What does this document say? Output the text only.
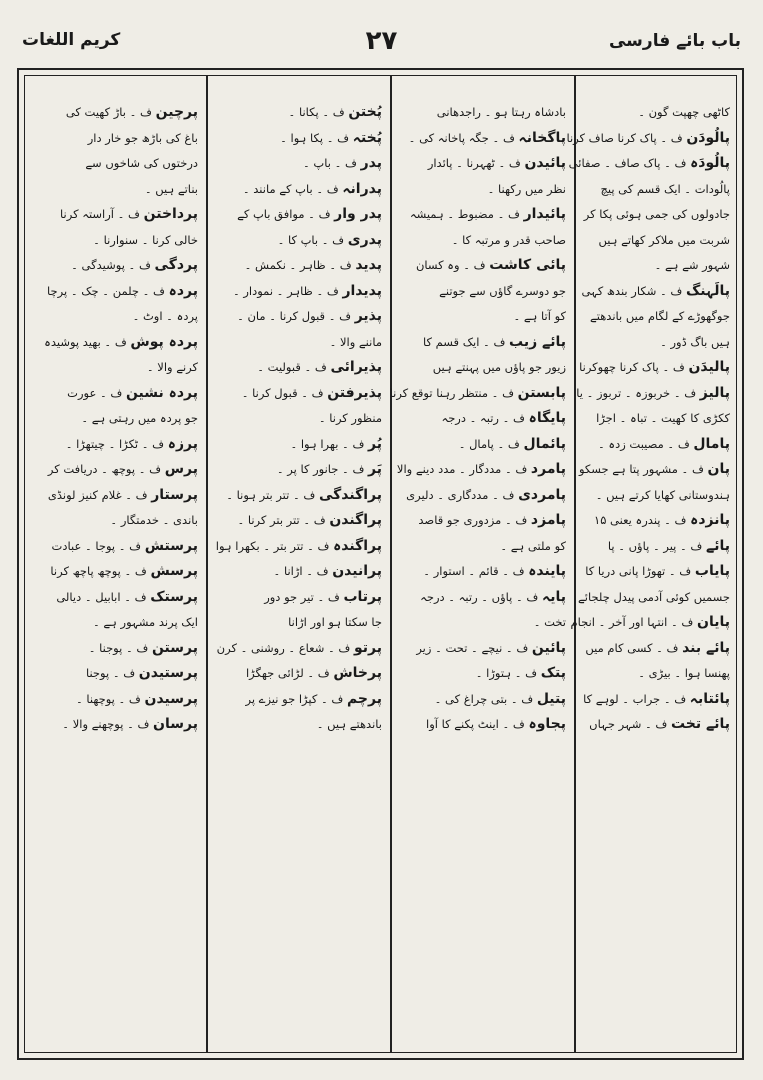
کریم اللغات	۲۷	باب بائے فارسی
کاٹھی چھپت گون ۔
پالُودَن ف ۔ پاک کرنا صاف کرنا
پالُودَہ ف ۔ پاک صاف ۔ صفائی
پالُودات ۔ ایک قسم کی پیچ
جادولوں کی جمی ہوئی پکا کر
شربت میں ملاکر کھاتے ہیں
شہور شے ہے ۔
پالَہنگ ف ۔ شکار بندھ کہی
جوگھوڑے کے لگام میں باندھتے
ہیں باگ ڈور ۔
پالیدَن ف ۔ پاک کرنا چھوکرنا
پالیز ف ۔ خربوزہ ۔ تربوز ۔ یا
ککڑی کا کھیت ۔ تباہ ۔ اجڑا
پامال ف ۔ مصیبت زدہ ۔
پان ف ۔ مشہور پتا ہے جسکو
ہندوستانی کھایا کرتے ہیں ۔
پانزدہ ف ۔ پندرہ یعنی ۱۵
پائے ف ۔ پیر ۔ پاؤں ۔ پا
پایاب ف ۔ تھوڑا پانی دریا کا
جسمیں کوئی آدمی پیدل چلجائے
پایان ف ۔ انتہا اور آخر ۔ انجام
پائے بند ف ۔ کسی کام میں
پھنسا ہوا ۔ بیڑی ۔
پائتابہ ف ۔ جراب ۔ لوہے کا
پائے تخت ف ۔ شہر جہاں
بادشاہ رہتا ہو ۔ راجدھانی
پاگخانہ ف ۔ جگہ پاخانہ کی ۔
پائیدن ف ۔ ٹھہرنا ۔ پائدار
نظر میں رکھنا ۔
پائیدار ف ۔ مضبوط ۔ ہمیشہ
صاحب قدر و مرتبہ کا ۔
پائی کاشت ف ۔ وہ کسان
جو دوسرے گاؤں سے جوتنے
کو آتا ہے ۔
پائے زیب ف ۔ ایک قسم کا
زیور جو پاؤں میں پہنتے ہیں
پابستن ف ۔ منتظر رہنا توقع کرنا
پایگاہ ف ۔ رتبہ ۔ درجہ
پائمال ف ۔ پامال ۔
پامرد ف ۔ مددگار ۔ مدد دینے والا
پامردی ف ۔ مددگاری ۔ دلیری
پامزد ف ۔ مزدوری جو قاصد
کو ملتی ہے ۔
پایندہ ف ۔ قائم ۔ استوار ۔
پایہ ف ۔ پاؤں ۔ رتبہ ۔ درجہ
تخت ۔
پائین ف ۔ نیچے ۔ تحت ۔ زیر
پتک ف ۔ ہتوڑا ۔
پتیل ف ۔ بتی چراغ کی ۔
پجاوہ ف ۔ اینٹ پکنے کا آوا
پُختن ف ۔ پکانا ۔
پُختہ ف ۔ پکا ہوا ۔
پدر ف ۔ باپ ۔
پدرانہ ف ۔ باپ کے مانند ۔
پدر وار ف ۔ موافق باپ کے
پدری ف ۔ باپ کا ۔
پدید ف ۔ ظاہر ۔ نکمش ۔
پدیدار ف ۔ ظاہر ۔ نمودار ۔
پذیر ف ۔ قبول کرنا ۔ مان ۔
ماننے والا ۔
پذیرائی ف ۔ قبولیت ۔
پذیرفتن ف ۔ قبول کرنا ۔
منظور کرنا ۔
پُر ف ۔ بھرا ہوا ۔
پَر ف ۔ جانور کا پر ۔
پراگندگی ف ۔ تتر بتر ہونا ۔
پراگندن ف ۔ تتر بتر کرنا ۔
پراگندہ ف ۔ تتر بتر ۔ بکھرا ہوا
پرانیدن ف ۔ اڑانا ۔
پرتاب ف ۔ تیر جو دور
جا سکتا ہو اور اڑانا
پرتو ف ۔ شعاع ۔ روشنی ۔ کرن
پرخاش ف ۔ لڑائی جھگڑا
پرچم ف ۔ کپڑا جو نیزے پر
باندھتے ہیں ۔
پرچین ف ۔ باڑ کھیت کی
باغ کی باڑھ جو خار دار
درختوں کی شاخوں سے
بناتے ہیں ۔
پرداختن ف ۔ آراستہ کرنا
خالی کرنا ۔ سنوارنا ۔
پردگی ف ۔ پوشیدگی ۔
پردہ ف ۔ چلمن ۔ چک ۔ پرچا
پردہ ۔ اوٹ ۔
پردہ پوش ف ۔ بھید پوشیدہ
کرنے والا ۔
پردہ نشین ف ۔ عورت
جو پردہ میں رہتی ہے ۔
پرزہ ف ۔ ٹکڑا ۔ چیتھڑا ۔
پرس ف ۔ پوچھ ۔ دریافت کر
پرستار ف ۔ غلام کنیز لونڈی
باندی ۔ خدمتگار ۔
پرستش ف ۔ پوجا ۔ عبادت
پرسش ف ۔ پوچھ پاچھ کرنا
پرستک ف ۔ ابابیل ۔ دیالی
ایک پرند مشہور ہے ۔
پرستن ف ۔ پوجنا ۔
پرستیدن ف ۔ پوجنا
پرسیدن ف ۔ پوچھنا ۔
پرسان ف ۔ پوچھنے والا ۔
